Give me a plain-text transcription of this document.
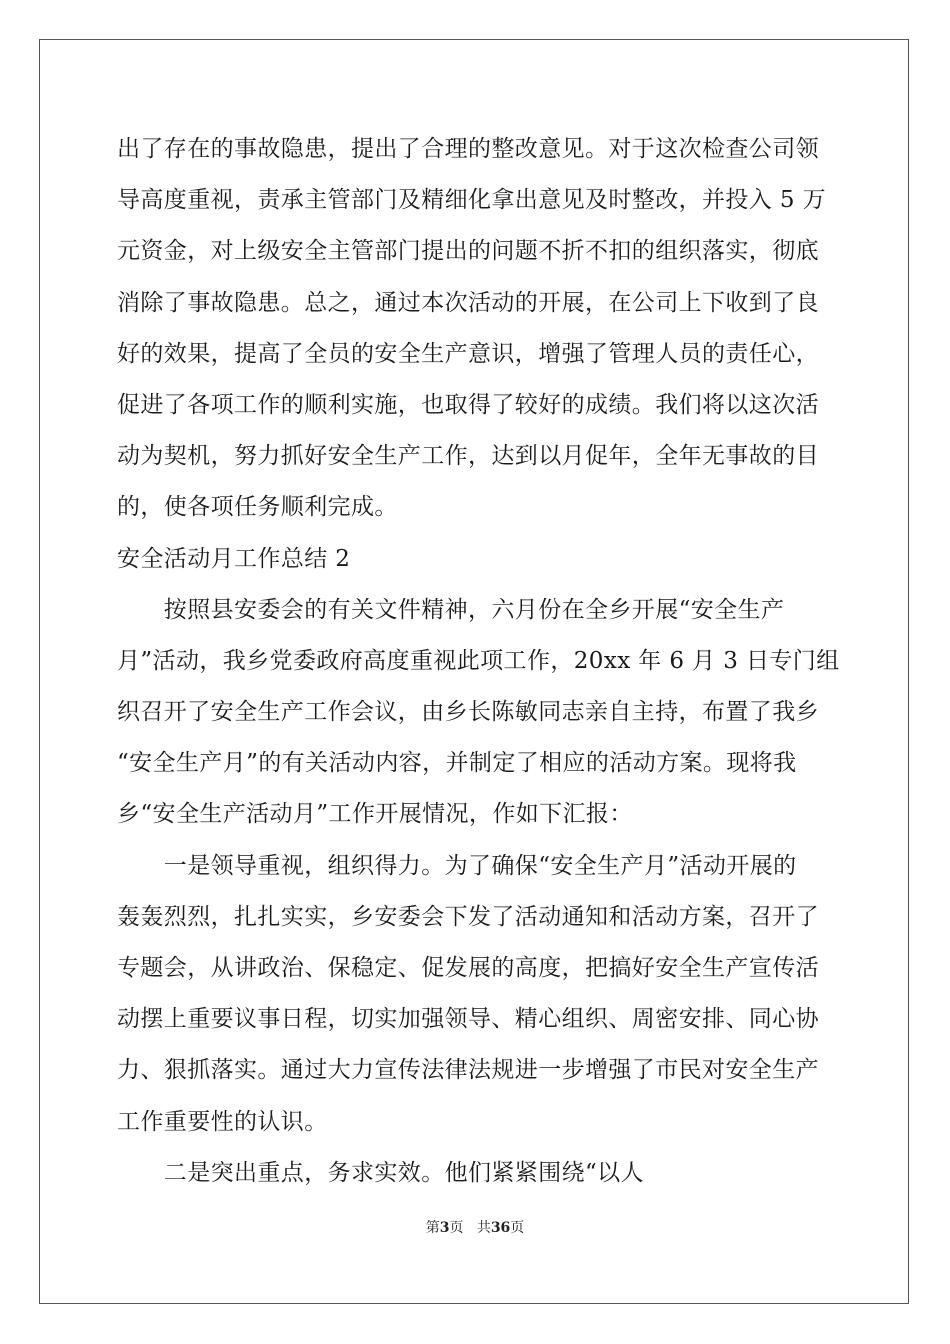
出了存在的事故隐患，提出了合理的整改意见。对于这次检查公司领
导高度重视，责承主管部门及精细化拿出意见及时整改，并投入 5 万
元资金，对上级安全主管部门提出的问题不折不扣的组织落实，彻底
消除了事故隐患。总之，通过本次活动的开展，在公司上下收到了良
好的效果，提高了全员的安全生产意识，增强了管理人员的责任心，
促进了各项工作的顺利实施，也取得了较好的成绩。我们将以这次活
动为契机，努力抓好安全生产工作，达到以月促年，全年无事故的目
的，使各项任务顺利完成。
安全活动月工作总结 2
　　按照县安委会的有关文件精神，六月份在全乡开展“安全生产
月”活动，我乡党委政府高度重视此项工作，20xx 年 6 月 3 日专门组
织召开了安全生产工作会议，由乡长陈敏同志亲自主持，布置了我乡
“安全生产月”的有关活动内容，并制定了相应的活动方案。现将我
乡“安全生产活动月”工作开展情况，作如下汇报：
　　一是领导重视，组织得力。为了确保“安全生产月”活动开展的
轰轰烈烈，扎扎实实，乡安委会下发了活动通知和活动方案，召开了
专题会，从讲政治、保稳定、促发展的高度，把搞好安全生产宣传活
动摆上重要议事日程，切实加强领导、精心组织、周密安排、同心协
力、狠抓落实。通过大力宣传法律法规进一步增强了市民对安全生产
工作重要性的认识。
　　二是突出重点，务求实效。他们紧紧围绕“以人
第3页 共36页
